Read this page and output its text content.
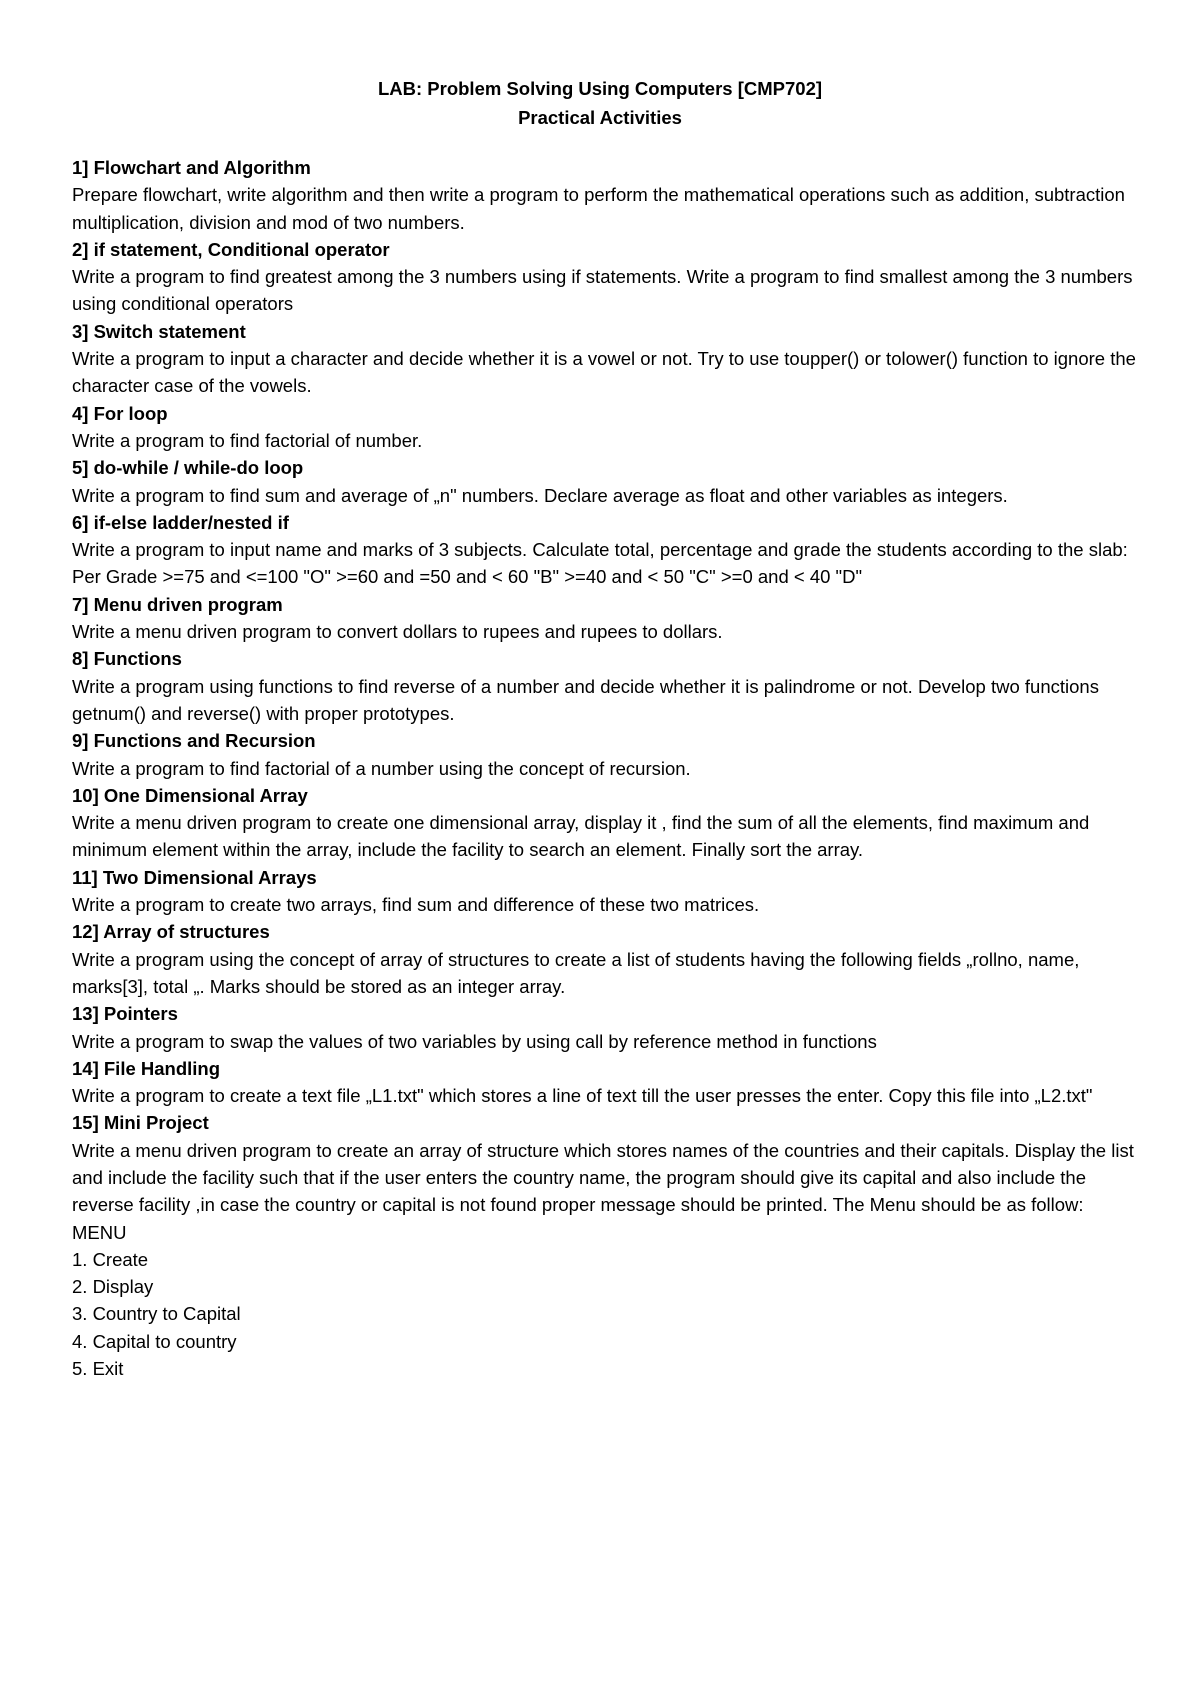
LAB: Problem Solving Using Computers [CMP702]
Practical Activities
1] Flowchart and Algorithm
Prepare flowchart, write algorithm and then write a program to perform the mathematical operations such as addition, subtraction multiplication, division and mod of two numbers.
2] if statement, Conditional operator
Write a program to find greatest among the 3 numbers using if statements. Write a program to find smallest among the 3 numbers using conditional operators
3] Switch statement
Write a program to input a character and decide whether it is a vowel or not. Try to use toupper() or tolower() function to ignore the character case of the vowels.
4] For loop
Write a program to find factorial of number.
5] do-while / while-do loop
Write a program to find sum and average of „n" numbers. Declare average as float and other variables as integers.
6] if-else ladder/nested if
Write a program to input name and marks of 3 subjects. Calculate total, percentage and grade the students according to the slab: Per Grade >=75 and <=100 "O" >=60 and =50 and < 60 "B" >=40 and < 50 "C" >=0 and < 40 "D"
7] Menu driven program
Write a menu driven program to convert dollars to rupees and rupees to dollars.
8] Functions
Write a program using functions to find reverse of a number and decide whether it is palindrome or not. Develop two functions getnum() and reverse() with proper prototypes.
9] Functions and Recursion
Write a program to find factorial of a number using the concept of recursion.
10] One Dimensional Array
Write a menu driven program to create one dimensional array, display it , find the sum of all the elements, find maximum and minimum element within the array, include the facility to search an element. Finally sort the array.
11] Two Dimensional Arrays
Write a program to create two arrays, find sum and difference of these two matrices.
12] Array of structures
Write a program using the concept of array of structures to create a list of students having the following fields „rollno, name, marks[3], total „. Marks should be stored as an integer array.
13] Pointers
Write a program to swap the values of two variables by using call by reference method in functions
14] File Handling
Write a program to create a text file „L1.txt" which stores a line of text till the user presses the enter. Copy this file into „L2.txt"
15] Mini Project
Write a menu driven program to create an array of structure which stores names of the countries and their capitals. Display the list and include the facility such that if the user enters the country name, the program should give its capital and also include the reverse facility ,in case the country or capital is not found proper message should be printed. The Menu should be as follow:
MENU
1. Create
2. Display
3. Country to Capital
4. Capital to country
5. Exit
